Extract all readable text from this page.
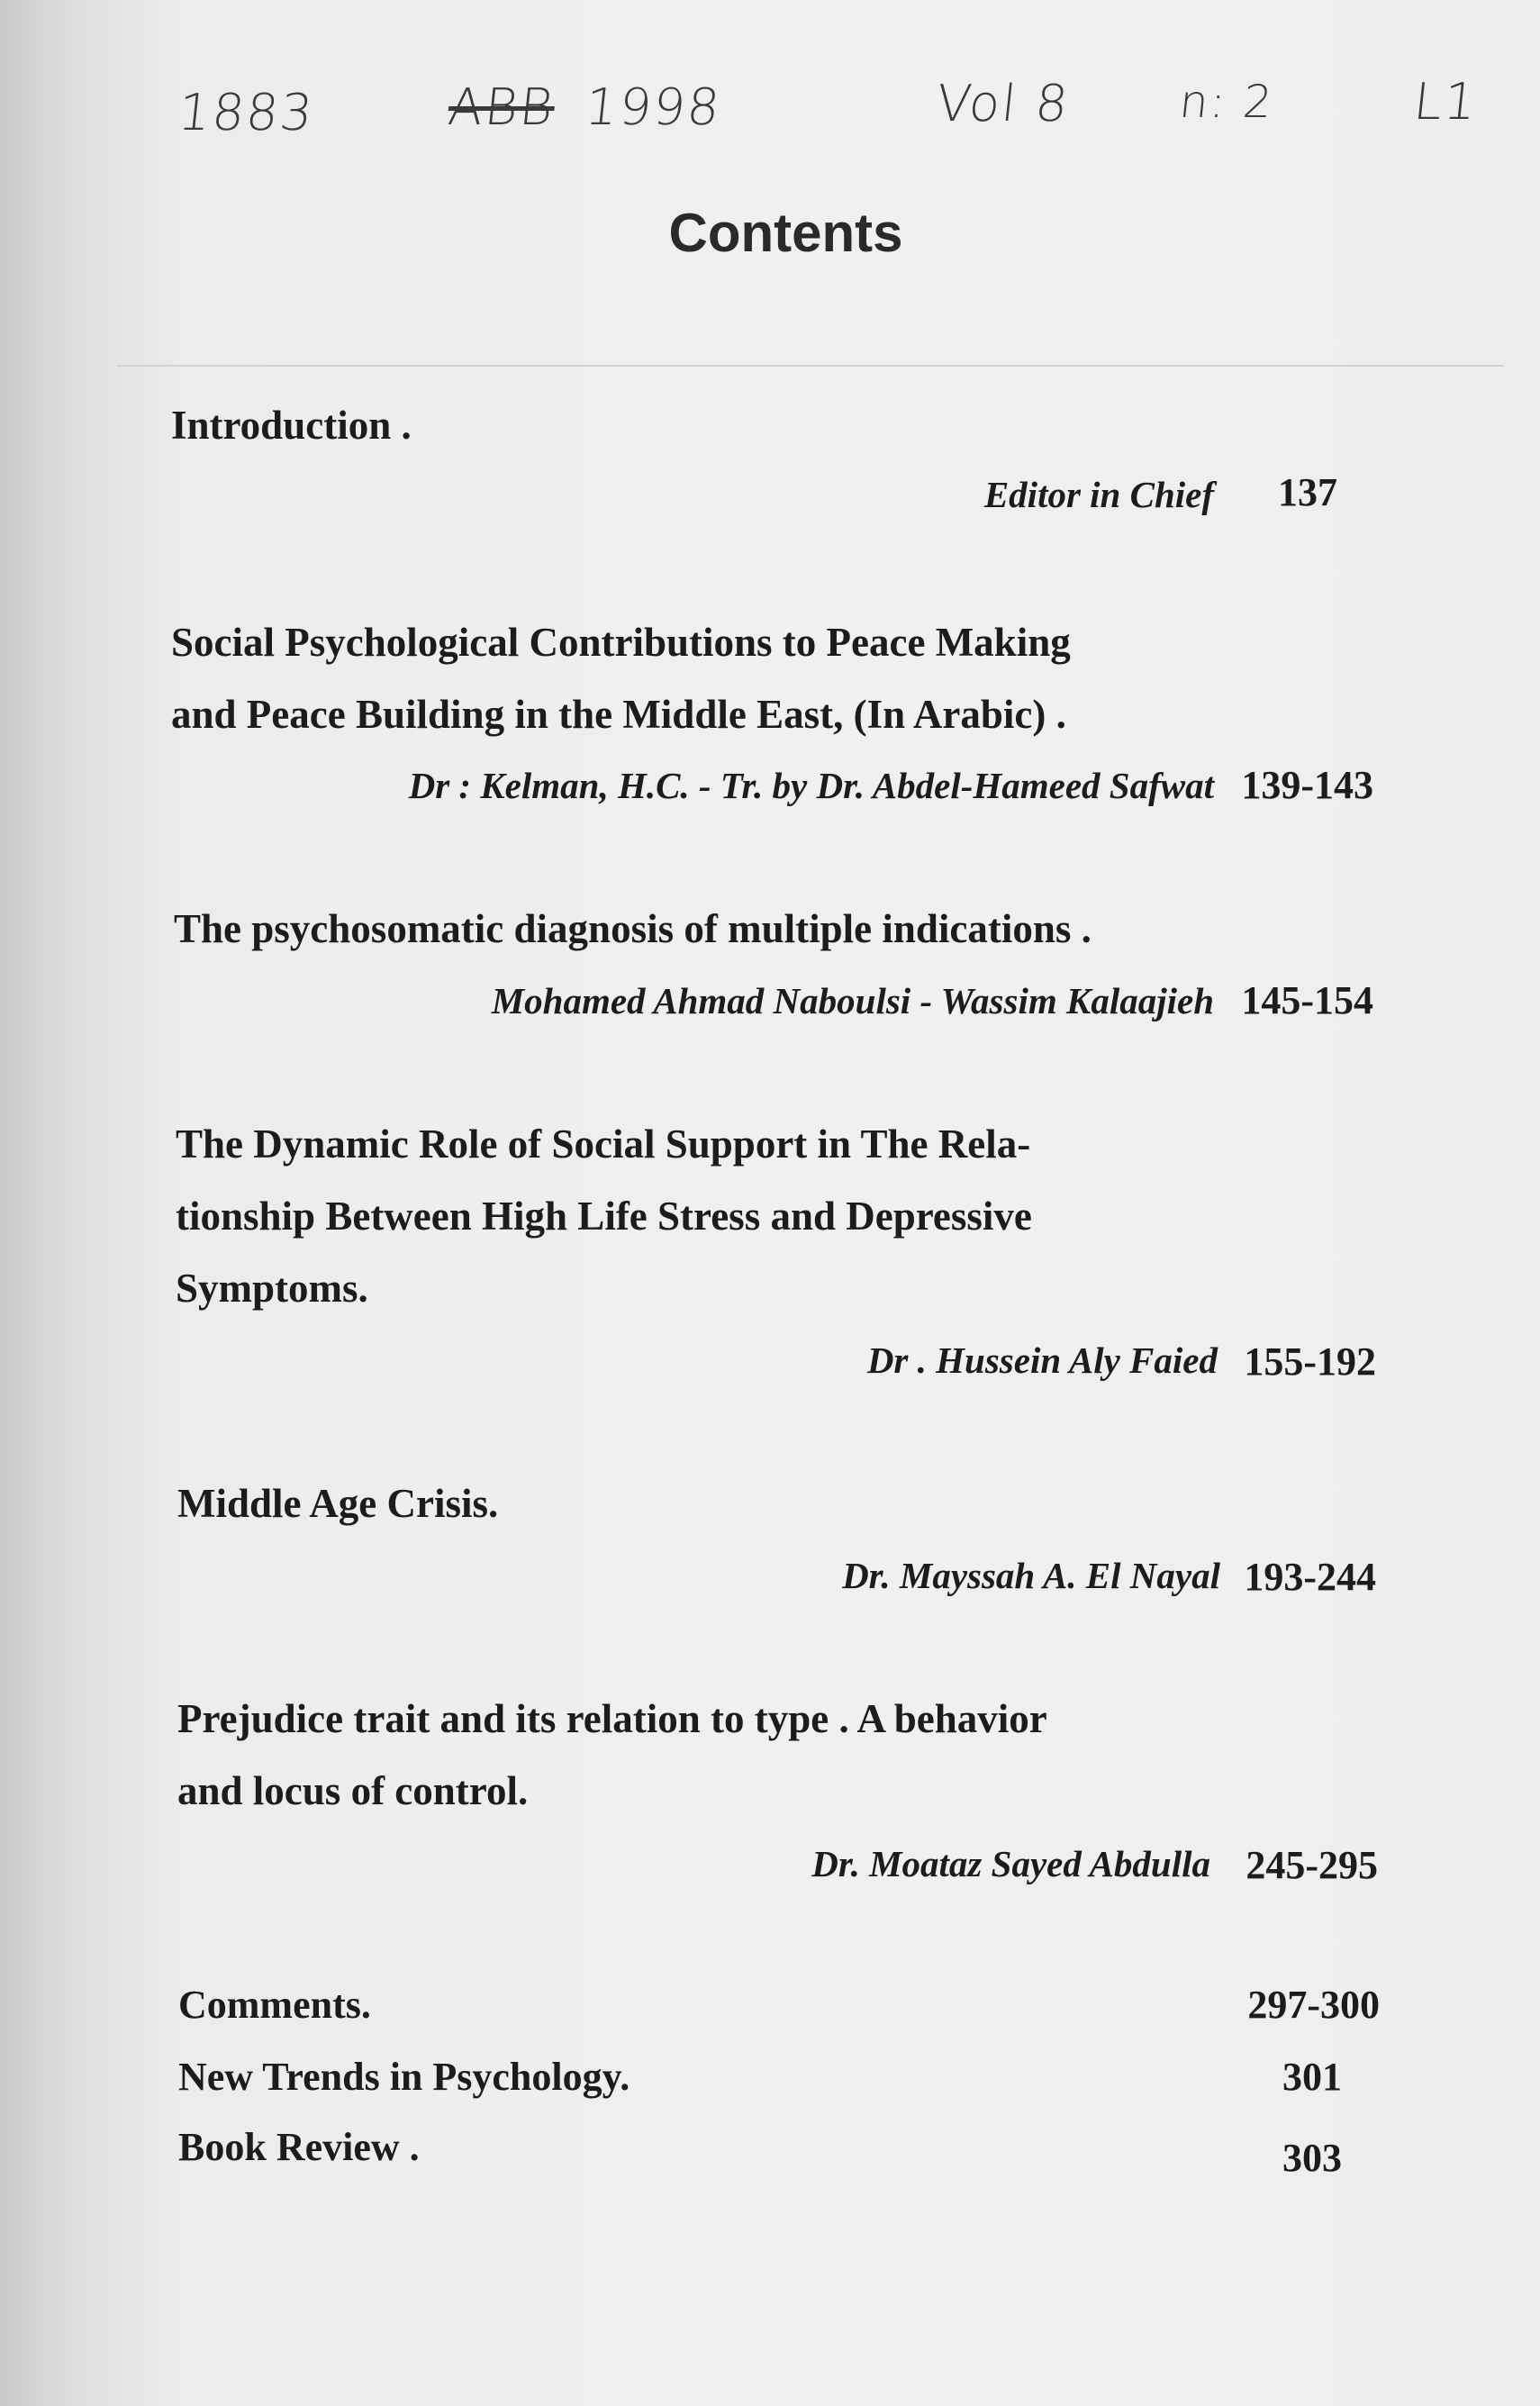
1883	ABB 1998	Vol 8 n: 2	L1
Contents
Introduction .
Editor in Chief 137
Social Psychological Contributions to Peace Making
and Peace Building in the Middle East, (In Arabic) .
Dr : Kelman, H.C. - Tr. by Dr. Abdel-Hameed Safwat 139-143
The psychosomatic diagnosis of multiple indications .
Mohamed Ahmad Naboulsi - Wassim Kalaajieh 145-154
The Dynamic Role of Social Support in The Rela-
tionship Between High Life Stress and Depressive
Symptoms.
Dr . Hussein Aly Faied 155-192
Middle Age Crisis.
Dr. Mayssah A. El Nayal 193-244
Prejudice trait and its relation to type . A behavior
and locus of control.
Dr. Moataz Sayed Abdulla 245-295
Comments.	297-300
New Trends in Psychology.	301
Book Review .	303
